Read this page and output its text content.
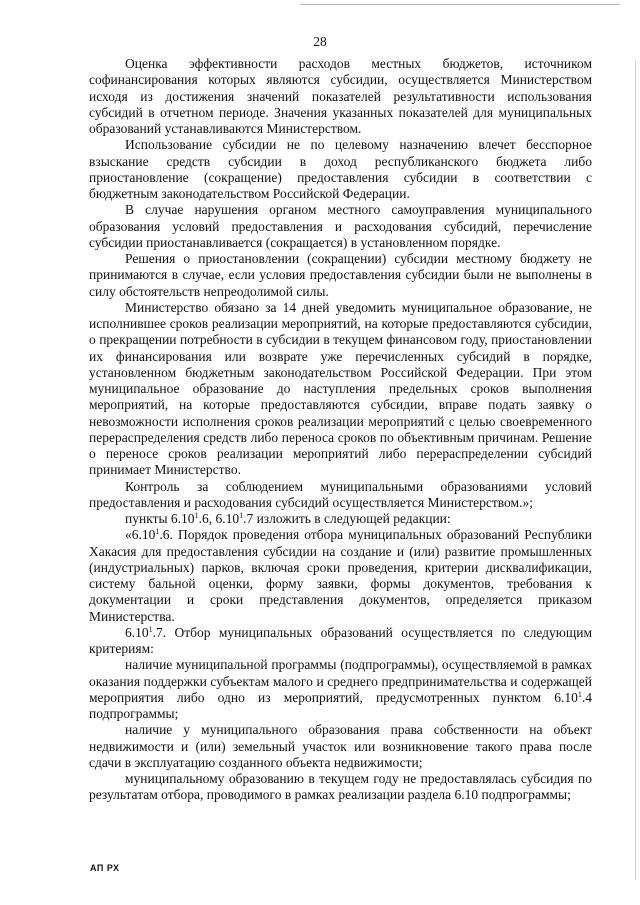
28

Оценка эффективности расходов местных бюджетов, источником софинансирования которых являются субсидии, осуществляется Министерством исходя из достижения значений показателей результативности использования субсидий в отчетном периоде. Значения указанных показателей для муниципальных образований устанавливаются Министерством.

Использование субсидии не по целевому назначению влечет бесспорное взыскание средств субсидии в доход республиканского бюджета либо приостановление (сокращение) предоставления субсидии в соответствии с бюджетным законодательством Российской Федерации.

В случае нарушения органом местного самоуправления муниципального образования условий предоставления и расходования субсидий, перечисление субсидии приостанавливается (сокращается) в установленном порядке.

Решения о приостановлении (сокращении) субсидии местному бюджету не принимаются в случае, если условия предоставления субсидии были не выполнены в силу обстоятельств непреодолимой силы.

Министерство обязано за 14 дней уведомить муниципальное образование, не исполнившее сроков реализации мероприятий, на которые предоставляются субсидии, о прекращении потребности в субсидии в текущем финансовом году, приостановлении их финансирования или возврате уже перечисленных субсидий в порядке, установленном бюджетным законодательством Российской Федерации. При этом муниципальное образование до наступления предельных сроков выполнения мероприятий, на которые предоставляются субсидии, вправе подать заявку о невозможности исполнения сроков реализации мероприятий с целью своевременного перераспределения средств либо переноса сроков по объективным причинам. Решение о переносе сроков реализации мероприятий либо перераспределении субсидий принимает Министерство.

Контроль за соблюдением муниципальными образованиями условий предоставления и расходования субсидий осуществляется Министерством.»;

пункты 6.10$^1$.6, 6.10$^1$.7 изложить в следующей редакции:

«6.10$^1$.6. Порядок проведения отбора муниципальных образований Республики Хакасия для предоставления субсидии на создание и (или) развитие промышленных (индустриальных) парков, включая сроки проведения, критерии дисквалификации, систему бальной оценки, форму заявки, формы документов, требования к документации и сроки представления документов, определяется приказом Министерства.

6.10$^1$.7. Отбор муниципальных образований осуществляется по следующим критериям:

наличие муниципальной программы (подпрограммы), осуществляемой в рамках оказания поддержки субъектам малого и среднего предпринимательства и содержащей мероприятия либо одно из мероприятий, предусмотренных пунктом 6.10$^1$.4 подпрограммы;

наличие у муниципального образования права собственности на объект недвижимости и (или) земельный участок или возникновение такого права после сдачи в эксплуатацию созданного объекта недвижимости;

муниципальному образованию в текущем году не предоставлялась субсидия по результатам отбора, проводимого в рамках реализации раздела 6.10 подпрограммы;

АП РХ
